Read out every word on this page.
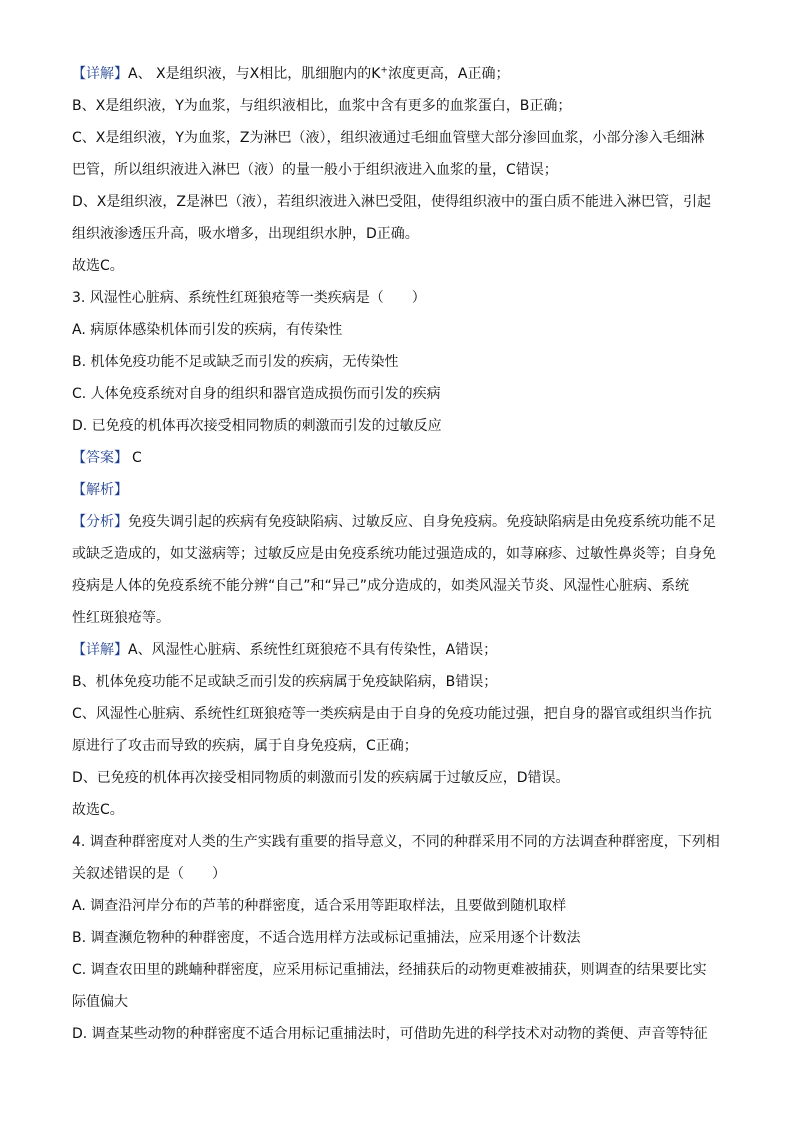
【详解】A、 X是组织液，与X相比，肌细胞内的K+浓度更高，A正确；
B、X是组织液，Y为血浆，与组织液相比，血浆中含有更多的血浆蛋白，B正确；
C、X是组织液，Y为血浆，Z为淋巴（液），组织液通过毛细血管壁大部分渗回血浆，小部分渗入毛细淋
巴管，所以组织液进入淋巴（液）的量一般小于组织液进入血浆的量，C错误；
D、X是组织液，Z是淋巴（液），若组织液进入淋巴受阻，使得组织液中的蛋白质不能进入淋巴管，引起
组织液渗透压升高，吸水增多，出现组织水肿，D正确。
故选C。
3. 风湿性心脏病、系统性红斑狼疮等一类疾病是（　　）
A. 病原体感染机体而引发的疾病，有传染性
B. 机体免疫功能不足或缺乏而引发的疾病，无传染性
C. 人体免疫系统对自身的组织和器官造成损伤而引发的疾病
D. 已免疫的机体再次接受相同物质的刺激而引发的过敏反应
【答案】 C
【解析】
【分析】免疫失调引起的疾病有免疫缺陷病、过敏反应、自身免疫病。免疫缺陷病是由免疫系统功能不足
或缺乏造成的，如艾滋病等；过敏反应是由免疫系统功能过强造成的，如荨麻疹、过敏性鼻炎等；自身免
疫病是人体的免疫系统不能分辨“自己”和“异己”成分造成的，如类风湿关节炎、风湿性心脏病、系统
性红斑狼疮等。
【详解】A、风湿性心脏病、系统性红斑狼疮不具有传染性，A错误；
B、机体免疫功能不足或缺乏而引发的疾病属于免疫缺陷病，B错误；
C、风湿性心脏病、系统性红斑狼疮等一类疾病是由于自身的免疫功能过强，把自身的器官或组织当作抗
原进行了攻击而导致的疾病，属于自身免疫病，C正确；
D、已免疫的机体再次接受相同物质的刺激而引发的疾病属于过敏反应，D错误。
故选C。
4. 调查种群密度对人类的生产实践有重要的指导意义，不同的种群采用不同的方法调查种群密度，下列相
关叙述错误的是（　　）
A. 调查沿河岸分布的芦苇的种群密度，适合采用等距取样法，且要做到随机取样
B. 调查濒危物种的种群密度，不适合选用样方法或标记重捕法，应采用逐个计数法
C. 调查农田里的跳蝻种群密度，应采用标记重捕法，经捕获后的动物更难被捕获，则调查的结果要比实
际值偏大
D. 调查某些动物的种群密度不适合用标记重捕法时，可借助先进的科学技术对动物的粪便、声音等特征
